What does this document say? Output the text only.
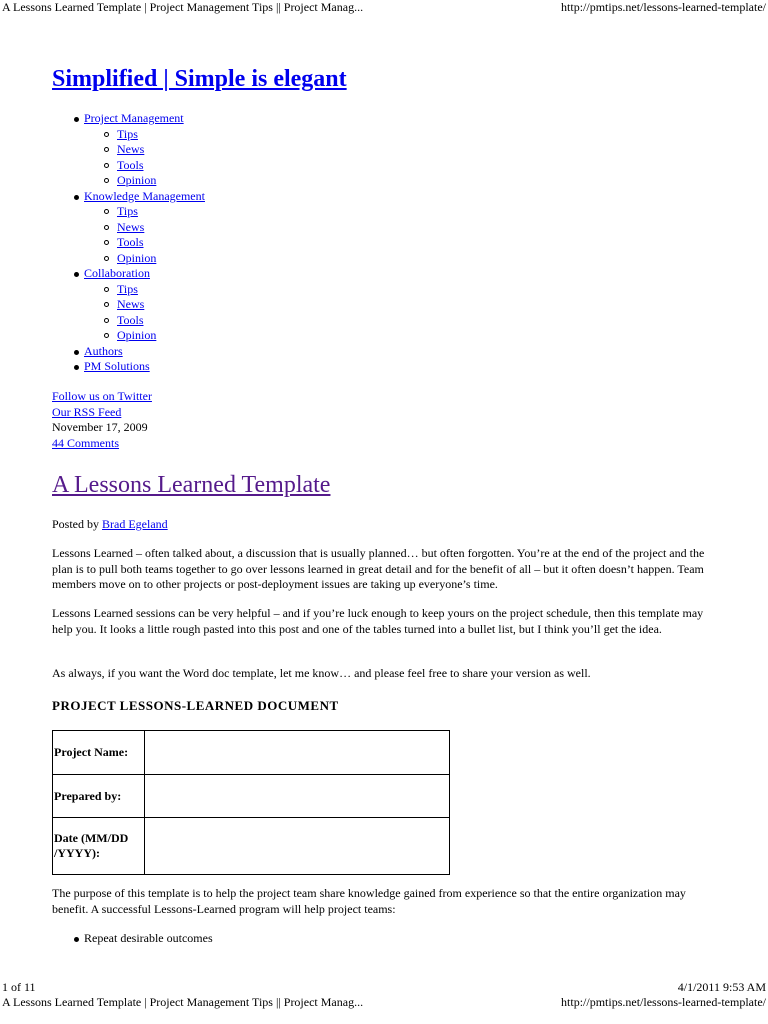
A Lessons Learned Template | Project Management Tips || Project Manag...	http://pmtips.net/lessons-learned-template/
Simplified | Simple is elegant
Project Management
Tips
News
Tools
Opinion
Knowledge Management
Tips
News
Tools
Opinion
Collaboration
Tips
News
Tools
Opinion
Authors
PM Solutions
Follow us on Twitter
Our RSS Feed
November 17, 2009
44 Comments
A Lessons Learned Template

Posted by Brad Egeland

Lessons Learned – often talked about, a discussion that is usually planned… but often forgotten. You’re at the end of the project and the plan is to pull both teams together to go over lessons learned in great detail and for the benefit of all – but it often doesn’t happen. Team members move on to other projects or post-deployment issues are taking up everyone’s time.

Lessons Learned sessions can be very helpful – and if you’re luck enough to keep yours on the project schedule, then this template may help you. It looks a little rough pasted into this post and one of the tables turned into a bullet list, but I think you’ll get the idea.

As always, if you want the Word doc template, let me know… and please feel free to share your version as well.

PROJECT LESSONS-LEARNED DOCUMENT
Project Name:	
Prepared by:	
Date (MM/DD /YYYY):	

The purpose of this template is to help the project team share knowledge gained from experience so that the entire organization may benefit. A successful Lessons-Learned program will help project teams:

Repeat desirable outcomes
1 of 11	4/1/2011 9:53 AM
A Lessons Learned Template | Project Management Tips || Project Manag...	http://pmtips.net/lessons-learned-template/
